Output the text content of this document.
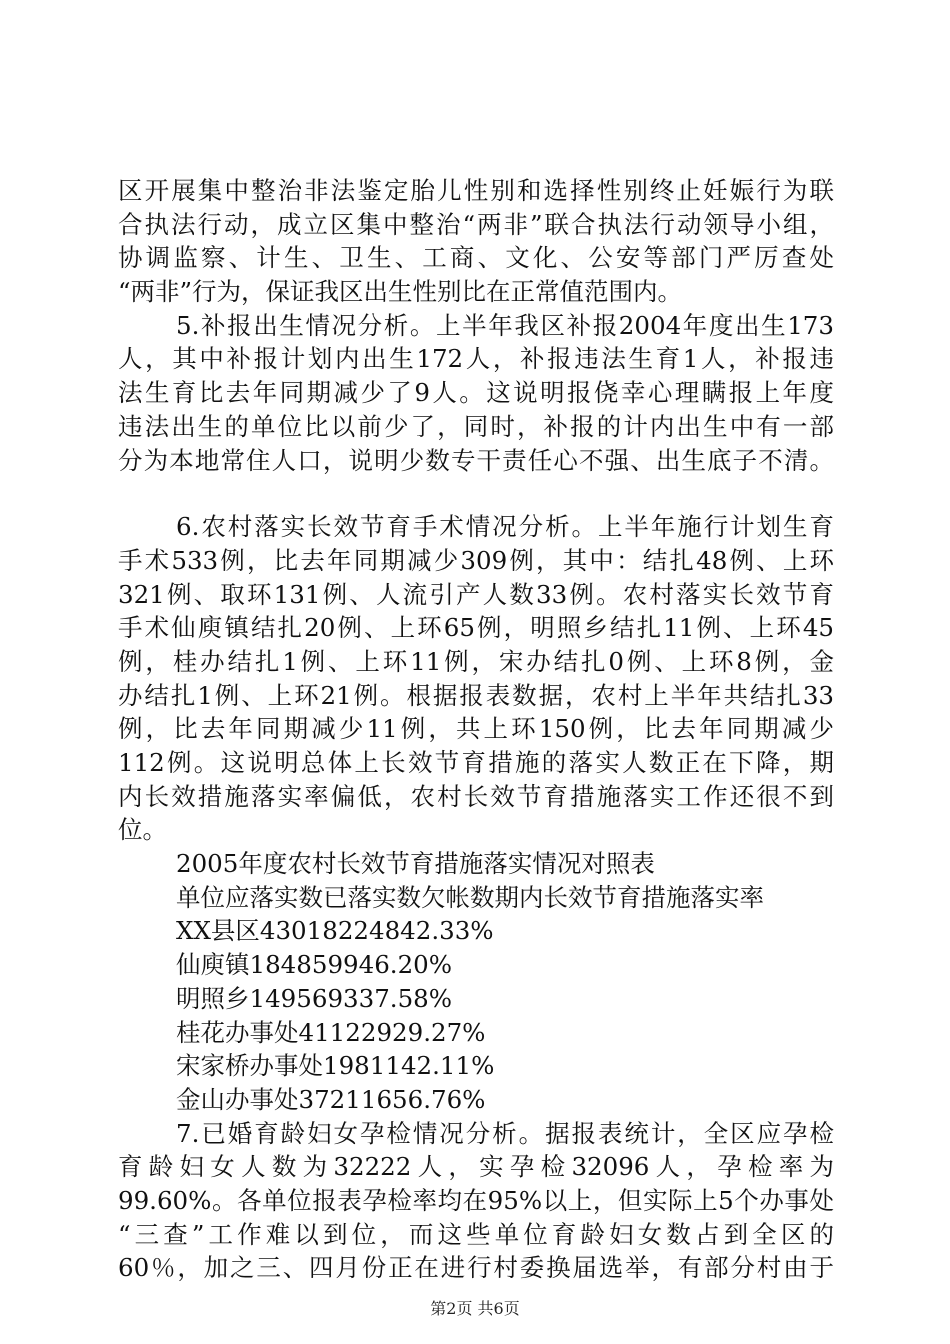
区开展集中整治非法鉴定胎儿性别和选择性别终止妊娠行为联
合执法行动，成立区集中整治“两非”联合执法行动领导小组，
协调监察、计生、卫生、工商、文化、公安等部门严厉查处
“两非”行为，保证我区出生性别比在正常值范围内。
5.补报出生情况分析。上半年我区补报2004年度出生173
人，其中补报计划内出生172人，补报违法生育1人，补报违
法生育比去年同期减少了9人。这说明报侥幸心理瞒报上年度
违法出生的单位比以前少了，同时，补报的计内出生中有一部
分为本地常住人口，说明少数专干责任心不强、出生底子不清。
6.农村落实长效节育手术情况分析。上半年施行计划生育
手术533例，比去年同期减少309例，其中：结扎48例、上环
321例、取环131例、人流引产人数33例。农村落实长效节育
手术仙庾镇结扎20例、上环65例，明照乡结扎11例、上环45
例，桂办结扎1例、上环11例，宋办结扎0例、上环8例，金
办结扎1例、上环21例。根据报表数据，农村上半年共结扎33
例，比去年同期减少11例，共上环150例，比去年同期减少
112例。这说明总体上长效节育措施的落实人数正在下降，期
内长效措施落实率偏低，农村长效节育措施落实工作还很不到
位。
2005年度农村长效节育措施落实情况对照表
单位应落实数已落实数欠帐数期内长效节育措施落实率
XX县区43018224842.33%
仙庾镇184859946.20%
明照乡149569337.58%
桂花办事处41122929.27%
宋家桥办事处1981142.11%
金山办事处37211656.76%
7.已婚育龄妇女孕检情况分析。据报表统计，全区应孕检
育龄妇女人数为32222人，实孕检32096人，孕检率为
99.60%。各单位报表孕检率均在95%以上，但实际上5个办事处
“三查”工作难以到位，而这些单位育龄妇女数占到全区的
60％，加之三、四月份正在进行村委换届选举，有部分村由于
第2页 共6页
